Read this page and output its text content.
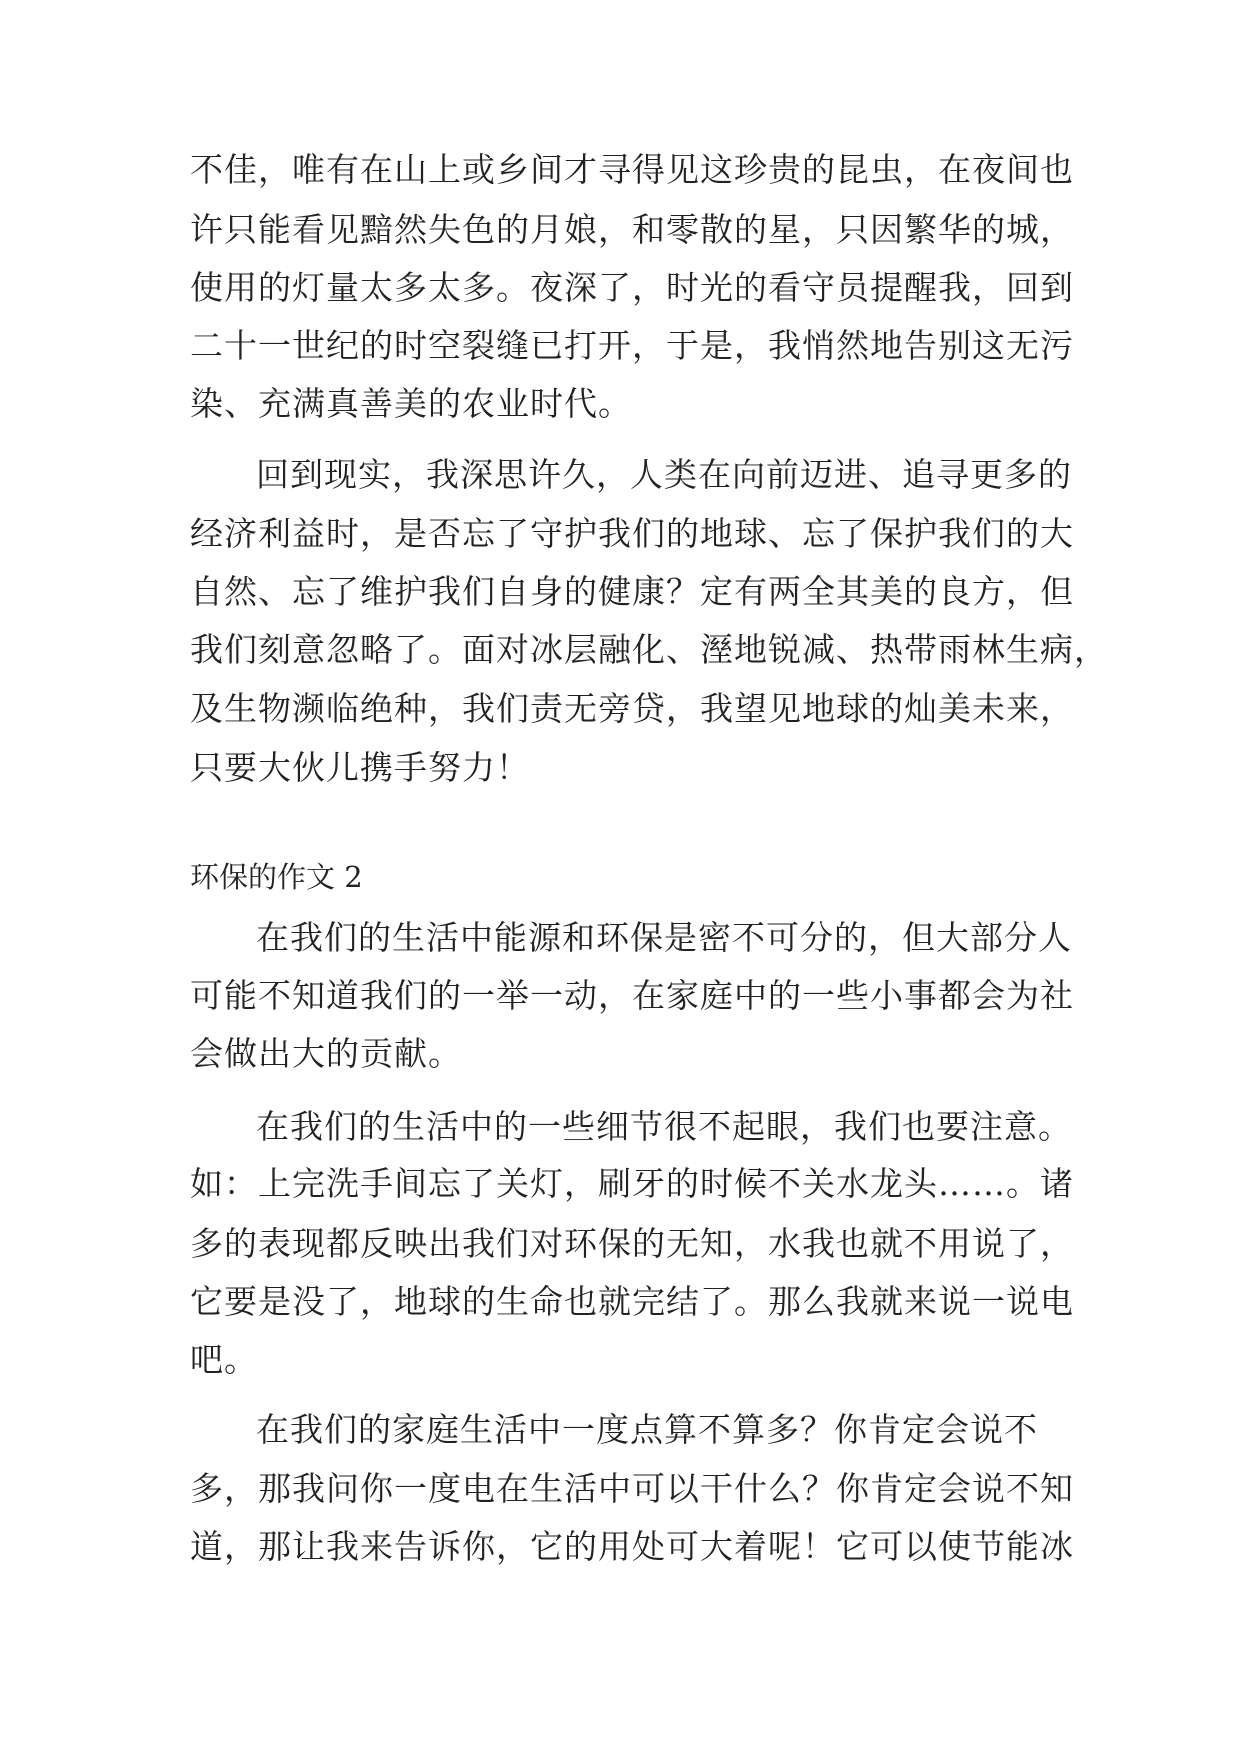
不佳，唯有在山上或乡间才寻得见这珍贵的昆虫，在夜间也
许只能看见黯然失色的月娘，和零散的星，只因繁华的城，
使用的灯量太多太多。夜深了，时光的看守员提醒我，回到
二十一世纪的时空裂缝已打开，于是，我悄然地告别这无污
染、充满真善美的农业时代。
回到现实，我深思许久，人类在向前迈进、追寻更多的
经济利益时，是否忘了守护我们的地球、忘了保护我们的大
自然、忘了维护我们自身的健康？定有两全其美的良方，但
我们刻意忽略了。面对冰层融化、溼地锐减、热带雨林生病，
及生物濒临绝种，我们责无旁贷，我望见地球的灿美未来，
只要大伙儿携手努力！
环保的作文 2
在我们的生活中能源和环保是密不可分的，但大部分人
可能不知道我们的一举一动，在家庭中的一些小事都会为社
会做出大的贡献。
在我们的生活中的一些细节很不起眼，我们也要注意。
如：上完洗手间忘了关灯，刷牙的时候不关水龙头……。诸
多的表现都反映出我们对环保的无知，水我也就不用说了，
它要是没了，地球的生命也就完结了。那么我就来说一说电
吧。
在我们的家庭生活中一度点算不算多？你肯定会说不
多，那我问你一度电在生活中可以干什么？你肯定会说不知
道，那让我来告诉你，它的用处可大着呢！它可以使节能冰
